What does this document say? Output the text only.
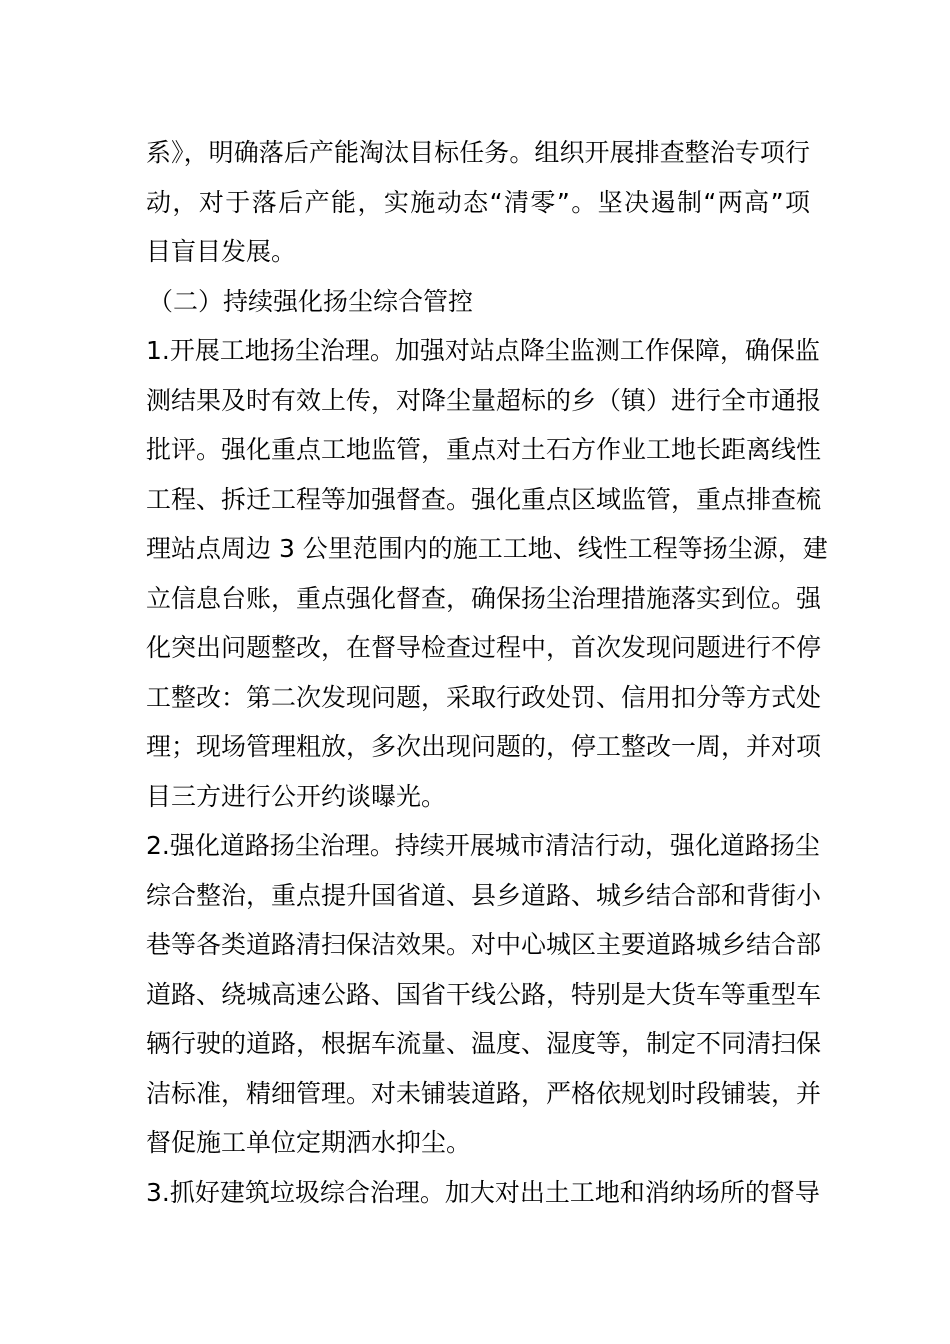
系》，明确落后产能淘汰目标任务。组织开展排查整治专项行
动，对于落后产能，实施动态“清零”。坚决遏制“两高”项
目盲目发展。
（二）持续强化扬尘综合管控
1.开展工地扬尘治理。加强对站点降尘监测工作保障，确保监
测结果及时有效上传，对降尘量超标的乡（镇）进行全市通报
批评。强化重点工地监管，重点对土石方作业工地长距离线性
工程、拆迁工程等加强督查。强化重点区域监管，重点排查梳
理站点周边 3 公里范围内的施工工地、线性工程等扬尘源，建
立信息台账，重点强化督查，确保扬尘治理措施落实到位。强
化突出问题整改，在督导检查过程中，首次发现问题进行不停
工整改：第二次发现问题，采取行政处罚、信用扣分等方式处
理；现场管理粗放，多次出现问题的，停工整改一周，并对项
目三方进行公开约谈曝光。
2.强化道路扬尘治理。持续开展城市清洁行动，强化道路扬尘
综合整治，重点提升国省道、县乡道路、城乡结合部和背街小
巷等各类道路清扫保洁效果。对中心城区主要道路城乡结合部
道路、绕城高速公路、国省干线公路，特别是大货车等重型车
辆行驶的道路，根据车流量、温度、湿度等，制定不同清扫保
洁标准，精细管理。对未铺装道路，严格依规划时段铺装，并
督促施工单位定期洒水抑尘。
3.抓好建筑垃圾综合治理。加大对出土工地和消纳场所的督导
